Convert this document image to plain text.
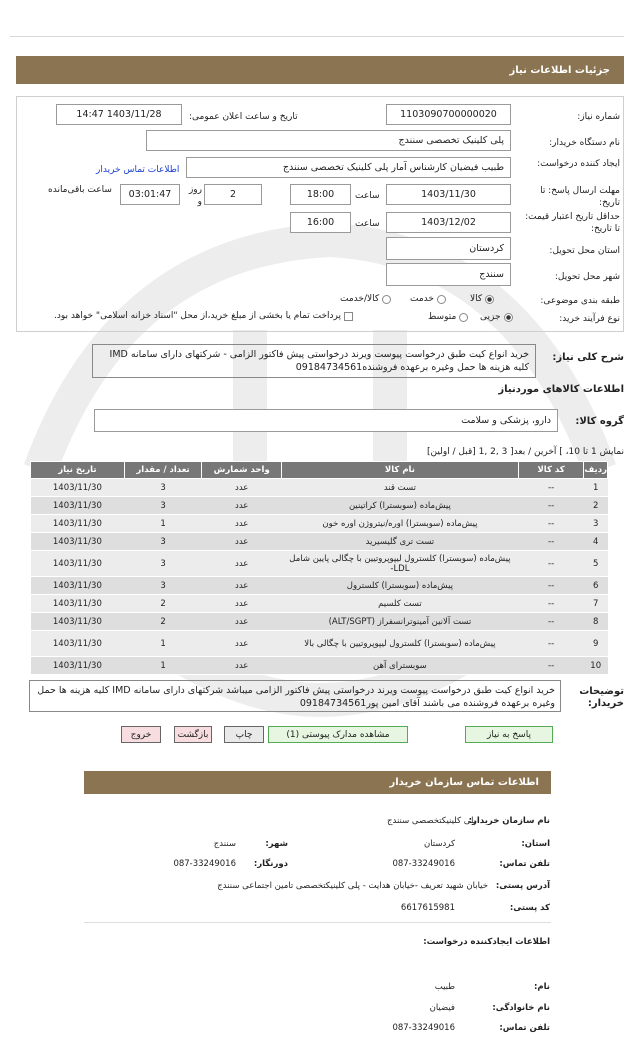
جزئیات اطلاعات نیاز
شماره نیاز:
1103090700000020
تاریخ و ساعت اعلان عمومی:
1403/11/28 14:47
نام دستگاه خریدار:
پلی کلینیک تخصصی سنندج
ایجاد کننده درخواست:
طبیب فیضیان کارشناس آمار پلی کلینیک تخصصی سنندج
اطلاعات تماس خریدار
مهلت ارسال پاسخ: تا تاریخ:
1403/11/30
ساعت
18:00
2
روز و
03:01:47
ساعت باقی‌مانده
حداقل تاریخ اعتبار قیمت: تا تاریخ:
1403/12/02
ساعت
16:00
استان محل تحویل:
کردستان
شهر محل تحویل:
سنندج
طبقه بندی موضوعی:
کالا
خدمت
کالا/خدمت
نوع فرآیند خرید:
جزیی
متوسط
پرداخت تمام یا بخشی از مبلغ خرید،از محل "اسناد خزانه اسلامی" خواهد بود.
شرح کلی نیاز:
خرید انواع کیت طبق درخواست پیوست ویرند درخواستی پیش فاکتور الزامی - شرکتهای دارای سامانه IMD کلیه هزینه ها حمل وغیره برعهده فروشنده09184734561
اطلاعات کالاهای موردنیاز
گروه کالا:
دارو، پزشکی و سلامت
نمایش 1 تا 10، ] آخرین / بعد[ 3 ,2 ,1 [قبل / اولین]
ردیف	کد کالا	نام کالا	واحد شمارش	تعداد / مقدار	تاریخ نیاز
1	--	تست قند	عدد	3	1403/11/30
2	--	پیش‌ماده (سوبسترا) کراتینین	عدد	3	1403/11/30
3	--	پیش‌ماده (سوبسترا) اوره/نیتروژن اوره خون	عدد	1	1403/11/30
4	--	تست تری گلیسیرید	عدد	3	1403/11/30
5	--	پیش‌ماده (سوبسترا) کلسترول لیپوپروتیین با چگالی پایین شامل LDL-	عدد	3	1403/11/30
6	--	پیش‌ماده (سوبسترا) کلسترول	عدد	3	1403/11/30
7	--	تست کلسیم	عدد	2	1403/11/30
8	--	تست آلانین آمینوترانسفراز (ALT/SGPT)	عدد	2	1403/11/30
9	--	پیش‌ماده (سوبسترا) کلسترول لیپوپروتیین با چگالی بالا	عدد	1	1403/11/30
10	--	سوبسترای آهن	عدد	1	1403/11/30
توضیحات خریدار:
خرید انواع کیت طبق درخواست پیوست ویرند درخواستی پیش فاکتور الزامی میباشد شرکتهای دارای سامانه IMD کلیه هزینه ها حمل وغیره برعهده فروشنده می باشند آقای امین پور09184734561
پاسخ به نیاز
مشاهده مدارک پیوستی (1)
چاپ
بازگشت
خروج
اطلاعات تماس سازمان خریدار
نام سازمان خریدار:
پلی کلینیکتخصصی سنندج
استان:
کردستان
شهر:
سنندج
تلفن تماس:
087-33249016
دورنگار:
087-33249016
آدرس پستی:
خیابان شهید تعریف -خیابان هدایت - پلی کلینیکتخصصی تامین اجتماعی سنندج
کد پستی:
6617615981
اطلاعات ایجادکننده درخواست:
نام:
طبیب
نام خانوادگی:
فیضیان
تلفن تماس:
087-33249016
